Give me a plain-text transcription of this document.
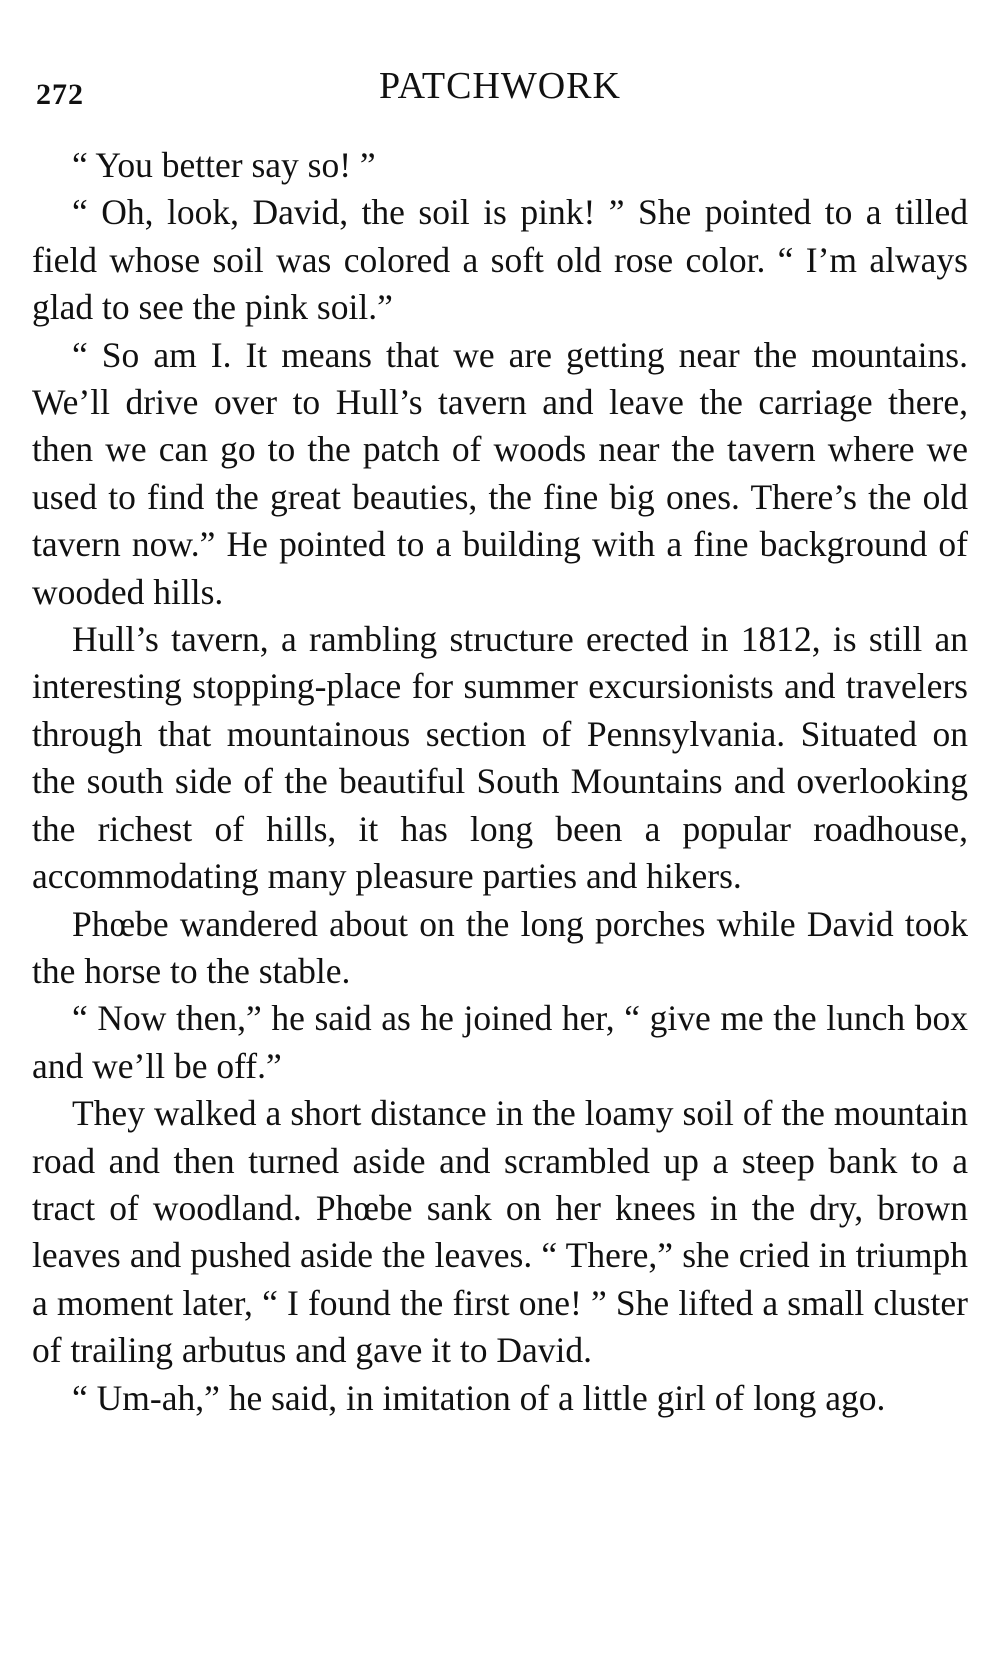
272	PATCHWORK

“ You better say so! ”

“ Oh, look, David, the soil is pink! ” She pointed to a tilled field whose soil was colored a soft old rose color. “ I’m always glad to see the pink soil.”

“ So am I. It means that we are getting near the mountains. We’ll drive over to Hull’s tavern and leave the carriage there, then we can go to the patch of woods near the tavern where we used to find the great beauties, the fine big ones. There’s the old tavern now.” He pointed to a building with a fine background of wooded hills.

Hull’s tavern, a rambling structure erected in 1812, is still an interesting stopping-place for summer excursionists and travelers through that mountainous section of Pennsylvania. Situated on the south side of the beautiful South Mountains and overlooking the richest of hills, it has long been a popular roadhouse, accommodating many pleasure parties and hikers.

Phœbe wandered about on the long porches while David took the horse to the stable.

“ Now then,” he said as he joined her, “ give me the lunch box and we’ll be off.”

They walked a short distance in the loamy soil of the mountain road and then turned aside and scrambled up a steep bank to a tract of woodland. Phœbe sank on her knees in the dry, brown leaves and pushed aside the leaves. “ There,” she cried in triumph a moment later, “ I found the first one! ” She lifted a small cluster of trailing arbutus and gave it to David.

“ Um-ah,” he said, in imitation of a little girl of long ago.
